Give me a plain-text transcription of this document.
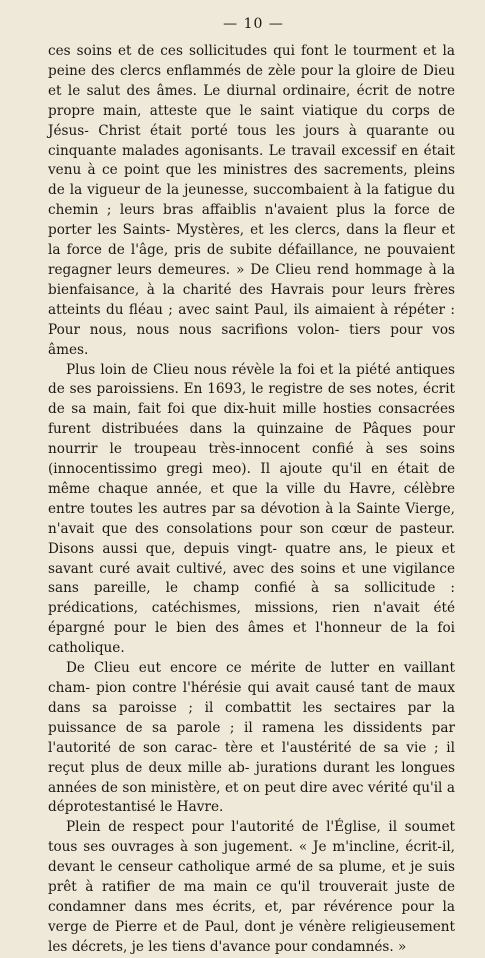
— 10 —

ces soins et de ces sollicitudes qui font le tourment et la peine des clercs enflammés de zèle pour la gloire de Dieu et le salut des âmes. Le diurnal ordinaire, écrit de notre propre main, atteste que le saint viatique du corps de Jésus- Christ était porté tous les jours à quarante ou cinquante malades agonisants. Le travail excessif en était venu à ce point que les ministres des sacrements, pleins de la vigueur de la jeunesse, succombaient à la fatigue du chemin ; leurs bras affaiblis n'avaient plus la force de porter les Saints- Mystères, et les clercs, dans la fleur et la force de l'âge, pris de subite défaillance, ne pouvaient regagner leurs demeures. » De Clieu rend hommage à la bienfaisance, à la charité des Havrais pour leurs frères atteints du fléau ; avec saint Paul, ils aimaient à répéter : Pour nous, nous nous sacrifions volon- tiers pour vos âmes.

Plus loin de Clieu nous révèle la foi et la piété antiques de ses paroissiens. En 1693, le registre de ses notes, écrit de sa main, fait foi que dix-huit mille hosties consacrées furent distribuées dans la quinzaine de Pâques pour nourrir le troupeau très-innocent confié à ses soins (innocentissimo gregi meo). Il ajoute qu'il en était de même chaque année, et que la ville du Havre, célèbre entre toutes les autres par sa dévotion à la Sainte Vierge, n'avait que des consolations pour son cœur de pasteur. Disons aussi que, depuis vingt- quatre ans, le pieux et savant curé avait cultivé, avec des soins et une vigilance sans pareille, le champ confié à sa sollicitude : prédications, catéchismes, missions, rien n'avait été épargné pour le bien des âmes et l'honneur de la foi catholique.

De Clieu eut encore ce mérite de lutter en vaillant cham- pion contre l'hérésie qui avait causé tant de maux dans sa paroisse ; il combattit les sectaires par la puissance de sa parole ; il ramena les dissidents par l'autorité de son carac- tère et l'austérité de sa vie ; il reçut plus de deux mille ab- jurations durant les longues années de son ministère, et on peut dire avec vérité qu'il a déprotestantisé le Havre.

Plein de respect pour l'autorité de l'Église, il soumet tous ses ouvrages à son jugement. « Je m'incline, écrit-il, devant le censeur catholique armé de sa plume, et je suis prêt à ratifier de ma main ce qu'il trouverait juste de condamner dans mes écrits, et, par révérence pour la verge de Pierre et de Paul, dont je vénère religieusement les décrets, je les tiens d'avance pour condamnés. »
